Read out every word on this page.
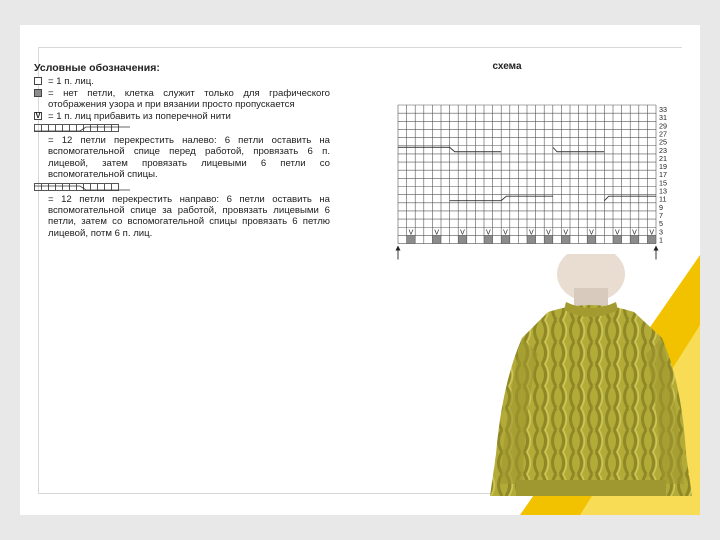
Условные обозначения:
= 1 п. лиц.
= нет петли, клетка служит только для графического отображения узора и при вязании просто пропускается
V = 1 п. лиц прибавить из поперечной нити
= 12 петли перекрестить налево: 6 петли оставить на вспомогательной спице перед работой, провязать 6 п. лицевой, затем провязать лицевыми 6 петли со вспомогательной спицы.
= 12 петли перекрестить направо: 6 петли оставить на вспомогательной спице за работой, провязать лицевыми 6 петли, затем со вспомогательной спицы провязать 6 петлю лицевой, потм 6 п. лиц.
схема
V	V	V	V V	V V V	V	V V V
33
31
29
27
25
23
21
19
17
15
13
11
9
7
5
3
1
